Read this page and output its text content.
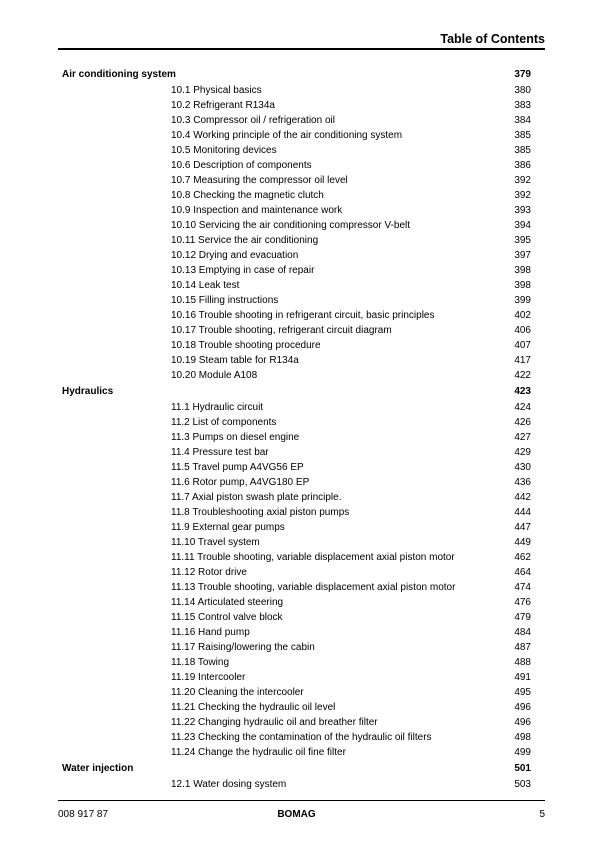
Table of Contents
Air conditioning system	379
10.1 Physical basics	380
10.2 Refrigerant R134a	383
10.3 Compressor oil / refrigeration oil	384
10.4 Working principle of the air conditioning system	385
10.5 Monitoring devices	385
10.6 Description of components	386
10.7 Measuring the compressor oil level	392
10.8 Checking the magnetic clutch	392
10.9 Inspection and maintenance work	393
10.10 Servicing the air conditioning compressor V-belt	394
10.11 Service the air conditioning	395
10.12 Drying and evacuation	397
10.13 Emptying in case of repair	398
10.14 Leak test	398
10.15 Filling instructions	399
10.16 Trouble shooting in refrigerant circuit, basic principles	402
10.17 Trouble shooting, refrigerant circuit diagram	406
10.18 Trouble shooting procedure	407
10.19 Steam table for R134a	417
10.20 Module A108	422
Hydraulics	423
11.1 Hydraulic circuit	424
11.2 List of components	426
11.3 Pumps on diesel engine	427
11.4 Pressure test bar	429
11.5 Travel pump A4VG56 EP	430
11.6 Rotor pump, A4VG180 EP	436
11.7 Axial piston swash plate principle.	442
11.8 Troubleshooting axial piston pumps	444
11.9 External gear pumps	447
11.10 Travel system	449
11.11 Trouble shooting, variable displacement axial piston motor	462
11.12 Rotor drive	464
11.13 Trouble shooting, variable displacement axial piston motor	474
11.14 Articulated steering	476
11.15 Control valve block	479
11.16 Hand pump	484
11.17 Raising/lowering the cabin	487
11.18 Towing	488
11.19 Intercooler	491
11.20 Cleaning the intercooler	495
11.21 Checking the hydraulic oil level	496
11.22 Changing hydraulic oil and breather filter	496
11.23 Checking the contamination of the hydraulic oil filters	498
11.24 Change the hydraulic oil fine filter	499
Water injection	501
12.1 Water dosing system	503
008 917 87	BOMAG	5
